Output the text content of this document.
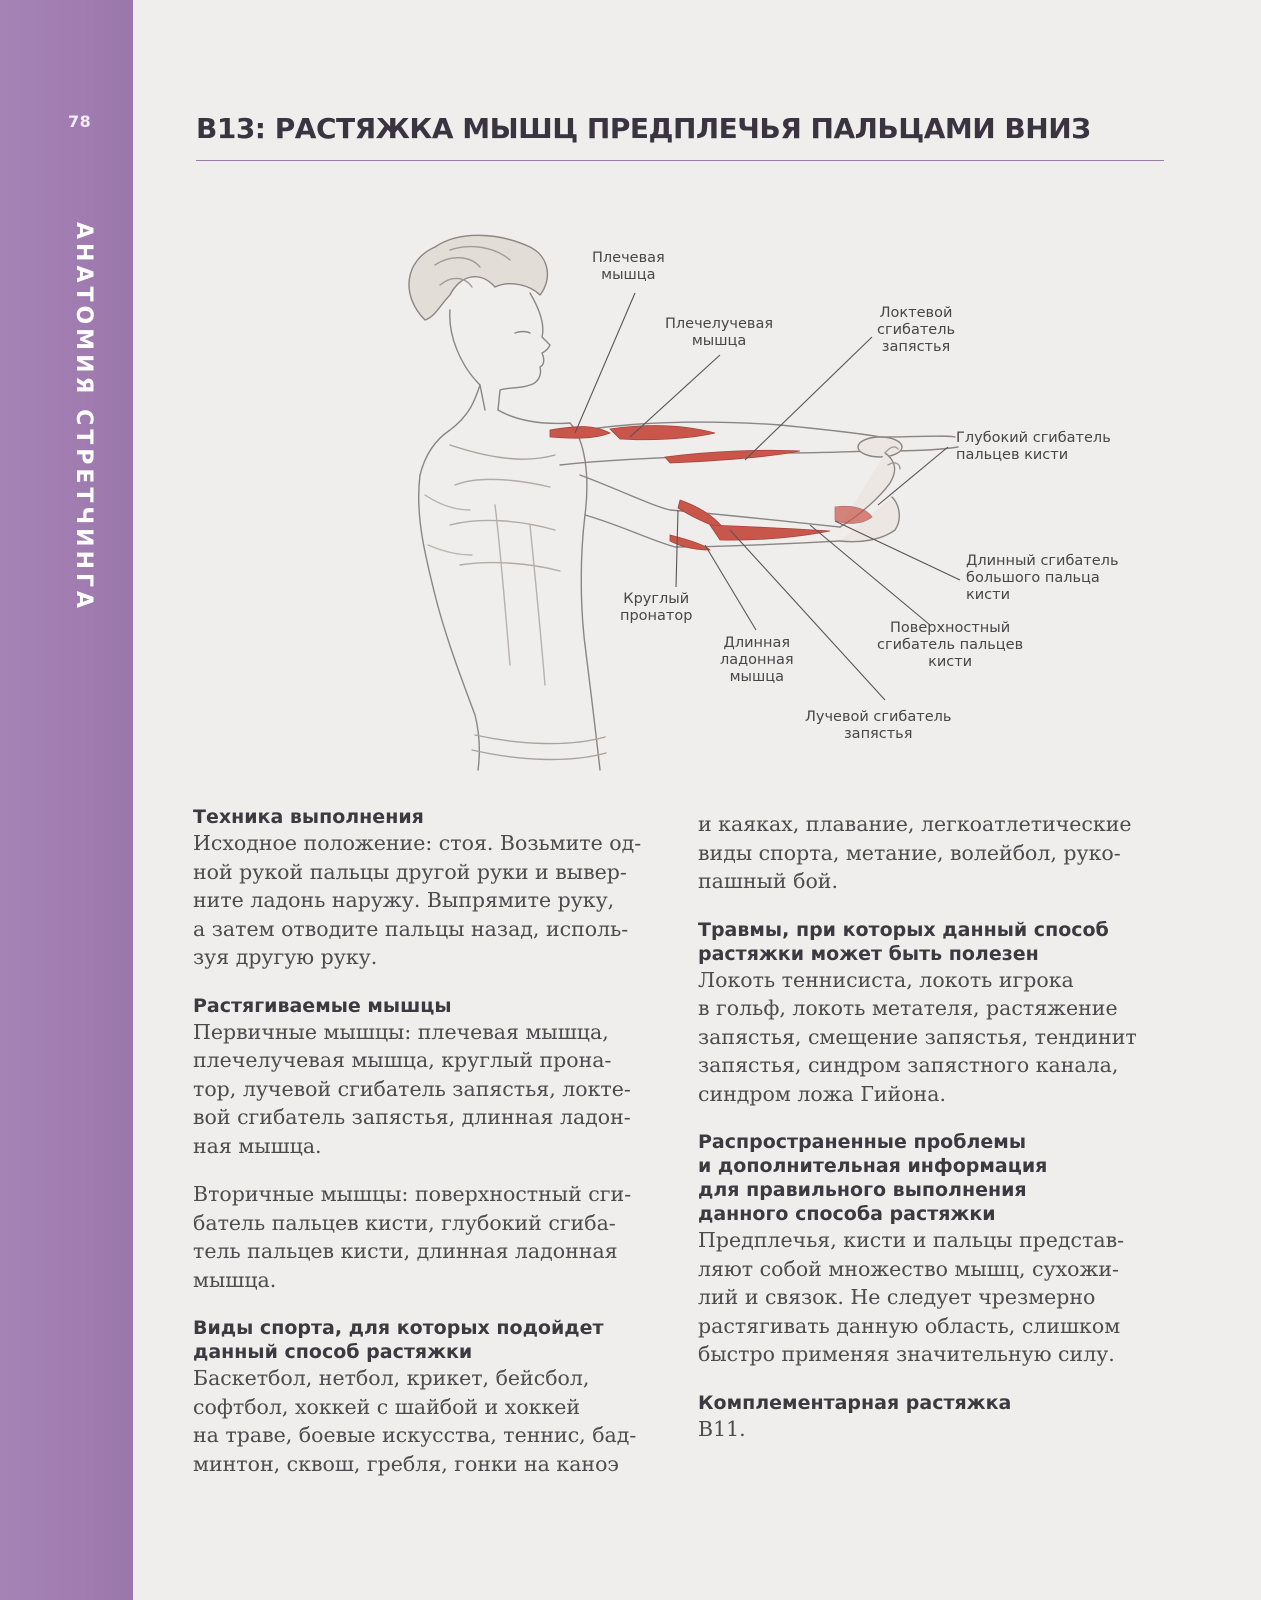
78
АНАТОМИЯ СТРЕТЧИНГА
B13: РАСТЯЖКА МЫШЦ ПРЕДПЛЕЧЬЯ ПАЛЬЦАМИ ВНИЗ
Плечевая
мышца
Плечелучевая
мышца
Локтевой
сгибатель
запястья
Глубокий сгибатель
пальцев кисти
Длинный сгибатель
большого пальца
кисти
Поверхностный
сгибатель пальцев
кисти
Лучевой сгибатель
запястья
Длинная
ладонная
мышца
Круглый
пронатор
Техника выполнения

Исходное положение: стоя. Возьмите од-
ной рукой пальцы другой руки и вывер-
ните ладонь наружу. Выпрямите руку,
а затем отводите пальцы назад, исполь-
зуя другую руку.

Растягиваемые мышцы

Первичные мышцы: плечевая мышца,
плечелучевая мышца, круглый прона-
тор, лучевой сгибатель запястья, локте-
вой сгибатель запястья, длинная ладон-
ная мышца.

Вторичные мышцы: поверхностный сги-
батель пальцев кисти, глубокий сгиба-
тель пальцев кисти, длинная ладонная
мышца.

Виды спорта, для которых подойдет
данный способ растяжки

Баскетбол, нетбол, крикет, бейсбол,
софтбол, хоккей с шайбой и хоккей
на траве, боевые искусства, теннис, бад-
минтон, сквош, гребля, гонки на каноэ

и каяках, плавание, легкоатлетические
виды спорта, метание, волейбол, руко-
пашный бой.

Травмы, при которых данный способ
растяжки может быть полезен

Локоть теннисиста, локоть игрока
в гольф, локоть метателя, растяжение
запястья, смещение запястья, тендинит
запястья, синдром запястного канала,
синдром ложа Гийона.

Распространенные проблемы
и дополнительная информация
для правильного выполнения
данного способа растяжки

Предплечья, кисти и пальцы представ-
ляют собой множество мышц, сухожи-
лий и связок. Не следует чрезмерно
растягивать данную область, слишком
быстро применяя значительную силу.

Комплементарная растяжка

B11.
